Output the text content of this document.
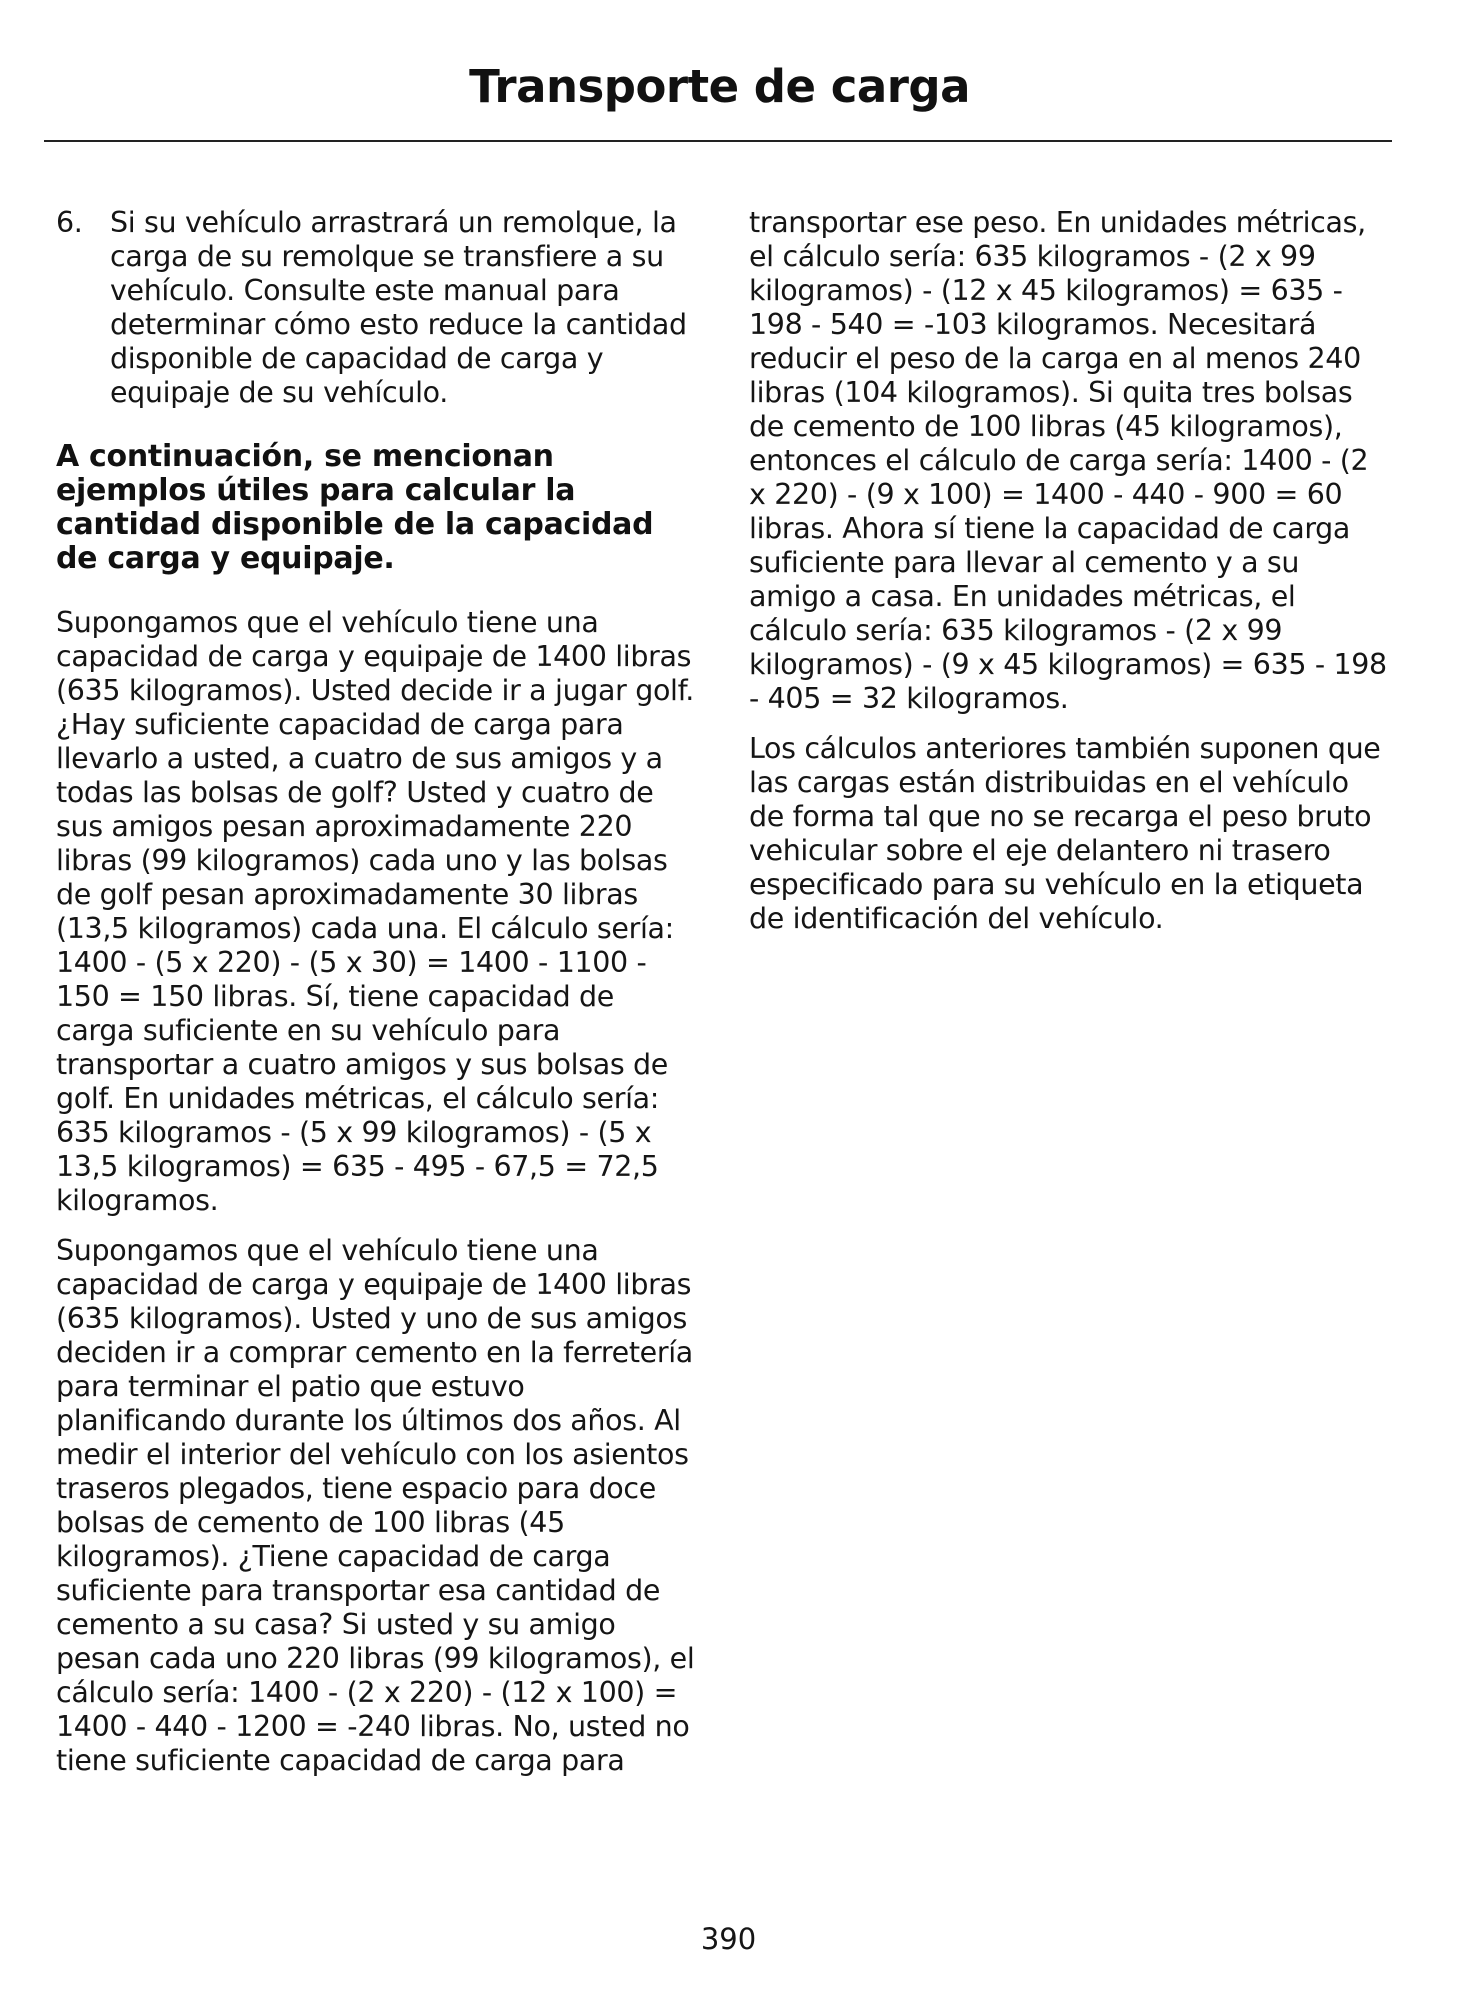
Transporte de carga
6. Si su vehículo arrastrará un remolque, la carga de su remolque se transfiere a su vehículo. Consulte este manual para determinar cómo esto reduce la cantidad disponible de capacidad de carga y equipaje de su vehículo.
A continuación, se mencionan ejemplos útiles para calcular la cantidad disponible de la capacidad de carga y equipaje.

Supongamos que el vehículo tiene una capacidad de carga y equipaje de 1400 libras (635 kilogramos). Usted decide ir a jugar golf. ¿Hay suficiente capacidad de carga para llevarlo a usted, a cuatro de sus amigos y a todas las bolsas de golf? Usted y cuatro de sus amigos pesan aproximadamente 220 libras (99 kilogramos) cada uno y las bolsas de golf pesan aproximadamente 30 libras (13,5 kilogramos) cada una. El cálculo sería: 1400 - (5 x 220) - (5 x 30) = 1400 - 1100 - 150 = 150 libras. Sí, tiene capacidad de carga suficiente en su vehículo para transportar a cuatro amigos y sus bolsas de golf. En unidades métricas, el cálculo sería: 635 kilogramos - (5 x 99 kilogramos) - (5 x 13,5 kilogramos) = 635 - 495 - 67,5 = 72,5 kilogramos.

Supongamos que el vehículo tiene una capacidad de carga y equipaje de 1400 libras (635 kilogramos). Usted y uno de sus amigos deciden ir a comprar cemento en la ferretería para terminar el patio que estuvo planificando durante los últimos dos años. Al medir el interior del vehículo con los asientos traseros plegados, tiene espacio para doce bolsas de cemento de 100 libras (45 kilogramos). ¿Tiene capacidad de carga suficiente para transportar esa cantidad de cemento a su casa? Si usted y su amigo pesan cada uno 220 libras (99 kilogramos), el cálculo sería: 1400 - (2 x 220) - (12 x 100) = 1400 - 440 - 1200 = -240 libras. No, usted no tiene suficiente capacidad de carga para

transportar ese peso. En unidades métricas, el cálculo sería: 635 kilogramos - (2 x 99 kilogramos) - (12 x 45 kilogramos) = 635 - 198 - 540 = -103 kilogramos. Necesitará reducir el peso de la carga en al menos 240 libras (104 kilogramos). Si quita tres bolsas de cemento de 100 libras (45 kilogramos), entonces el cálculo de carga sería: 1400 - (2 x 220) - (9 x 100) = 1400 - 440 - 900 = 60 libras. Ahora sí tiene la capacidad de carga suficiente para llevar al cemento y a su amigo a casa. En unidades métricas, el cálculo sería: 635 kilogramos - (2 x 99 kilogramos) - (9 x 45 kilogramos) = 635 - 198 - 405 = 32 kilogramos.

Los cálculos anteriores también suponen que las cargas están distribuidas en el vehículo de forma tal que no se recarga el peso bruto vehicular sobre el eje delantero ni trasero especificado para su vehículo en la etiqueta de identificación del vehículo.

390
